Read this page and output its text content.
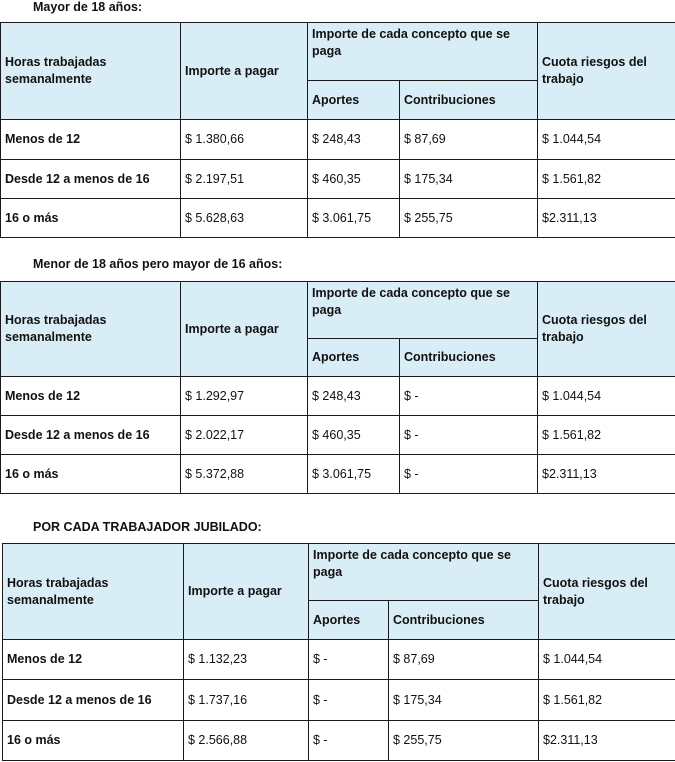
Mayor de 18 años:
Horas trabajadas semanalmente	Importe a pagar	Importe de cada concepto que se paga		Cuota riesgos del trabajo
		Aportes	Contribuciones	
Menos de 12	$ 1.380,66	$ 248,43	$ 87,69	$ 1.044,54
Desde 12 a menos de 16	$ 2.197,51	$ 460,35	$ 175,34	$ 1.561,82
16 o más	$ 5.628,63	$ 3.061,75	$ 255,75	$2.311,13
Menor de 18 años pero mayor de 16 años:
Horas trabajadas semanalmente	Importe a pagar	Importe de cada concepto que se paga		Cuota riesgos del trabajo
		Aportes	Contribuciones	
Menos de 12	$ 1.292,97	$ 248,43	$ -	$ 1.044,54
Desde 12 a menos de 16	$ 2.022,17	$ 460,35	$ -	$ 1.561,82
16 o más	$ 5.372,88	$ 3.061,75	$ -	$2.311,13
POR CADA TRABAJADOR JUBILADO:
Horas trabajadas semanalmente	Importe a pagar	Importe de cada concepto que se paga		Cuota riesgos del trabajo
		Aportes	Contribuciones	
Menos de 12	$ 1.132,23	$ -	$ 87,69	$ 1.044,54
Desde 12 a menos de 16	$ 1.737,16	$ -	$ 175,34	$ 1.561,82
16 o más	$ 2.566,88	$ -	$ 255,75	$2.311,13
